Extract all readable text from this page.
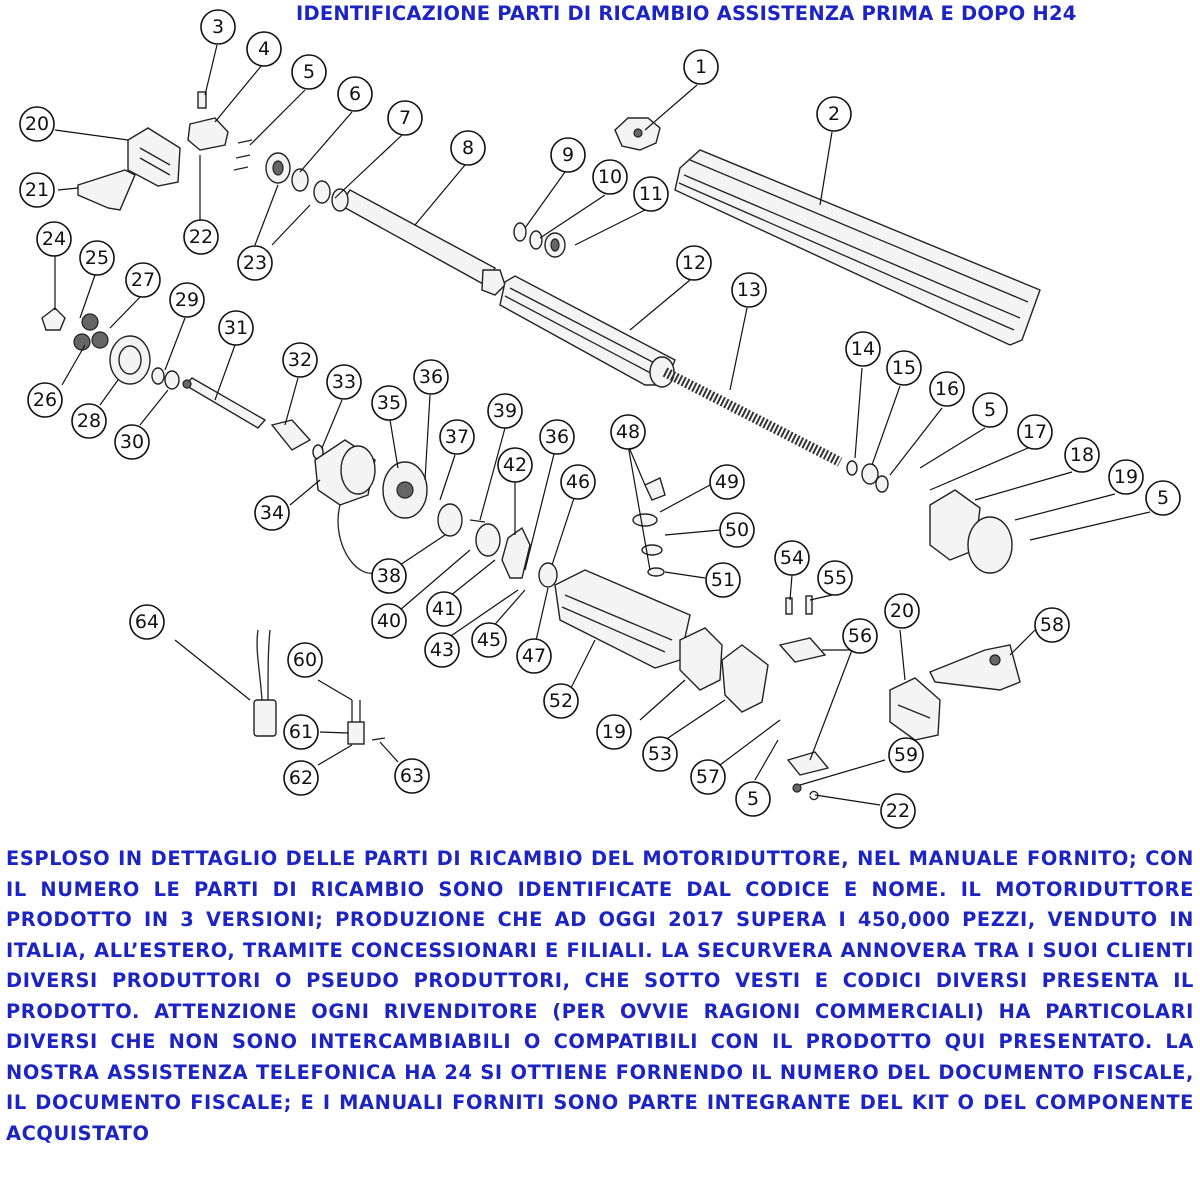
IDENTIFICAZIONE PARTI DI RICAMBIO ASSISTENZA PRIMA E DOPO H24
1
2
3
4
5
6
7
8	9
10
11
12
13
14
15
16
5
17
18
19
5
20
21
22
23
24
25
26
27
28
29
30
31
32
33
34
35
36
37
38
39
40
41
42
36
43 45
46
47
48
49
50
51
52
19
53
54
55
56
57
5
20
58
59
22
64
60
61
62	63
ESPLOSO IN DETTAGLIO DELLE PARTI DI RICAMBIO DEL MOTORIDUTTORE, NEL MANUALE FORNITO; CON IL NUMERO LE PARTI DI RICAMBIO SONO IDENTIFICATE DAL CODICE E NOME. IL MOTORIDUTTORE PRODOTTO IN 3 VERSIONI; PRODUZIONE CHE AD OGGI 2017 SUPERA I 450,000 PEZZI, VENDUTO IN ITALIA, ALL’ESTERO, TRAMITE CONCESSIONARI E FILIALI. LA SECURVERA ANNOVERA TRA I SUOI CLIENTI DIVERSI PRODUTTORI O PSEUDO PRODUTTORI, CHE SOTTO VESTI E CODICI DIVERSI PRESENTA IL PRODOTTO. ATTENZIONE OGNI RIVENDITORE (PER OVVIE RAGIONI COMMERCIALI) HA PARTICOLARI DIVERSI CHE NON SONO INTERCAMBIABILI O COMPATIBILI CON IL PRODOTTO QUI PRESENTATO. LA NOSTRA ASSISTENZA TELEFONICA HA 24 SI OTTIENE FORNENDO IL NUMERO DEL DOCUMENTO FISCALE, IL DOCUMENTO FISCALE; E I MANUALI FORNITI SONO PARTE INTEGRANTE DEL KIT O DEL COMPONENTE ACQUISTATO
